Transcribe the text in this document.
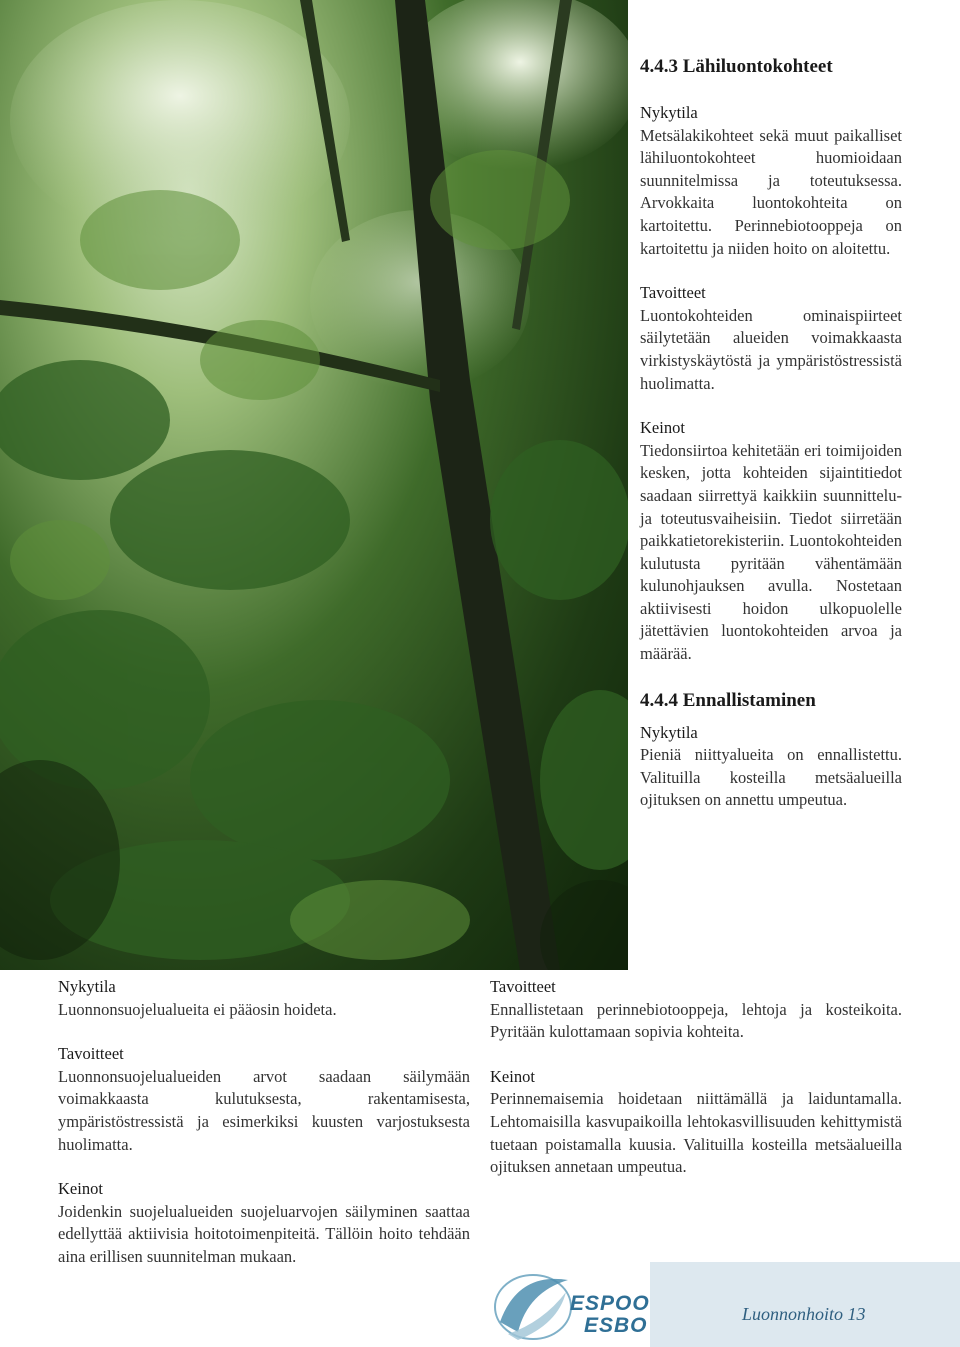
4.4.3 Lähiluontokohteet
Nykytila

Metsälakikohteet sekä muut paikalliset lähiluontokohteet huomioidaan suunnitelmissa ja toteutuksessa. Arvokkaita luontokohteita on kartoitettu. Perinnebiotooppeja on kartoitettu ja niiden hoito on aloitettu.

Tavoitteet

Luontokohteiden ominaispiirteet säilytetään alueiden voimakkaasta virkistyskäytöstä ja ympäristöstressistä huolimatta.

Keinot

Tiedonsiirtoa kehitetään eri toimijoiden kesken, jotta kohteiden sijaintitiedot saadaan siirrettyä kaikkiin suunnittelu- ja toteutusvaiheisiin. Tiedot siirretään paikkatietorekisteriin. Luontokohteiden kulutusta pyritään vähentämään kulunohjauksen avulla. Nostetaan aktiivisesti hoidon ulkopuolelle jätettävien luontokohteiden arvoa ja määrää.

4.4.4 Ennallistaminen
Nykytila

Pieniä niittyalueita on ennallistettu. Valituilla kosteilla metsäalueilla ojituksen on annettu umpeutua.

Nykytila

Luonnonsuojelualueita ei pääosin hoideta.

Tavoitteet

Luonnonsuojelualueiden arvot saadaan säilymään voimakkaasta kulutuksesta, rakentamisesta, ympäristöstressistä ja esimerkiksi kuusten varjostuksesta huolimatta.

Keinot

Joidenkin suojelualueiden suojeluarvojen säilyminen saattaa edellyttää aktiivisia hoitotoimenpiteitä. Tällöin hoito tehdään aina erillisen suunnitelman mukaan.

Tavoitteet

Ennallistetaan perinnebiotooppeja, lehtoja ja kosteikoita. Pyritään kulottamaan sopivia kohteita.

Keinot

Perinnemaisemia hoidetaan niittämällä ja laiduntamalla. Lehtomaisilla kasvupaikoilla lehtokasvillisuuden kehittymistä tuetaan poistamalla kuusia. Valituilla kosteilla metsäalueilla ojituksen annetaan umpeutua.

ESPOO
ESBO	Luonnonhoito 13
